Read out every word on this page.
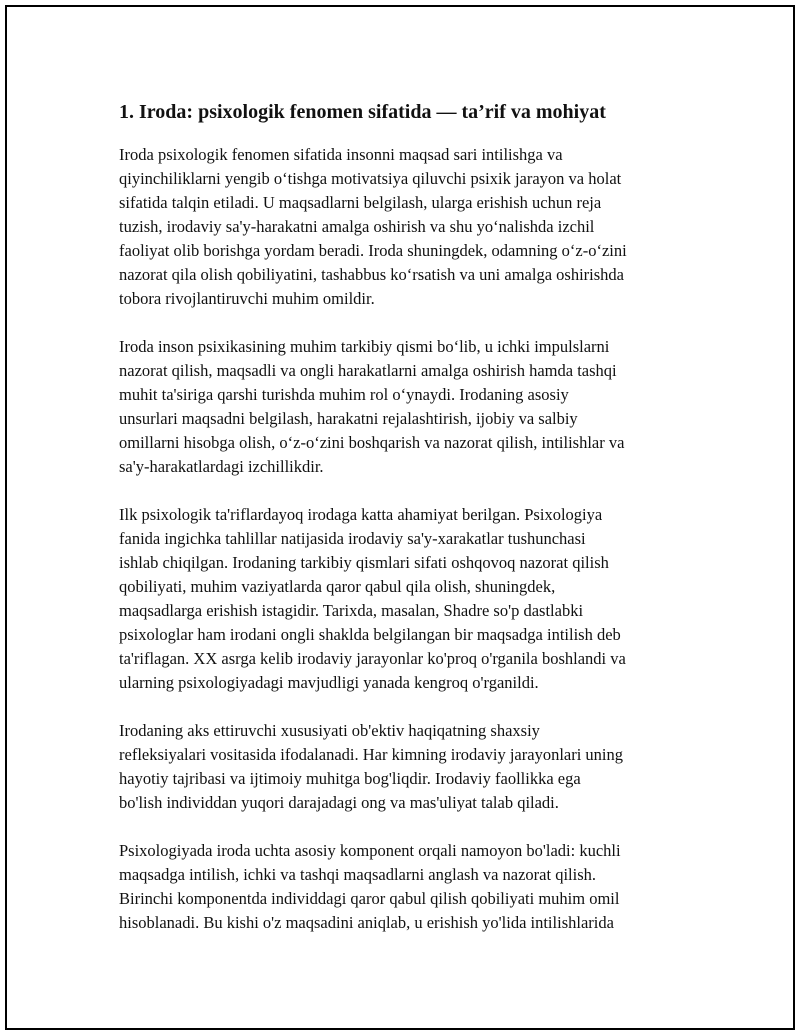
1. Iroda: psixologik fenomen sifatida — ta’rif va mohiyat

Iroda psixologik fenomen sifatida insonni maqsad sari intilishga va
qiyinchiliklarni yengib o‘tishga motivatsiya qiluvchi psixik jarayon va holat
sifatida talqin etiladi. U maqsadlarni belgilash, ularga erishish uchun reja
tuzish, irodaviy sa'y-harakatni amalga oshirish va shu yo‘nalishda izchil
faoliyat olib borishga yordam beradi. Iroda shuningdek, odamning o‘z-o‘zini
nazorat qila olish qobiliyatini, tashabbus ko‘rsatish va uni amalga oshirishda
tobora rivojlantiruvchi muhim omildir.

Iroda inson psixikasining muhim tarkibiy qismi bo‘lib, u ichki impulslarni
nazorat qilish, maqsadli va ongli harakatlarni amalga oshirish hamda tashqi
muhit ta'siriga qarshi turishda muhim rol o‘ynaydi. Irodaning asosiy
unsurlari maqsadni belgilash, harakatni rejalashtirish, ijobiy va salbiy
omillarni hisobga olish, o‘z-o‘zini boshqarish va nazorat qilish, intilishlar va
sa'y-harakatlardagi izchillikdir.

Ilk psixologik ta'riflardayoq irodaga katta ahamiyat berilgan. Psixologiya
fanida ingichka tahlillar natijasida irodaviy sa'y-xarakatlar tushunchasi
ishlab chiqilgan. Irodaning tarkibiy qismlari sifati oshqovoq nazorat qilish
qobiliyati, muhim vaziyatlarda qaror qabul qila olish, shuningdek,
maqsadlarga erishish istagidir. Tarixda, masalan, Shadre so'p dastlabki
psixologlar ham irodani ongli shaklda belgilangan bir maqsadga intilish deb
ta'riflagan. XX asrga kelib irodaviy jarayonlar ko'proq o'rganila boshlandi va
ularning psixologiyadagi mavjudligi yanada kengroq o'rganildi.

Irodaning aks ettiruvchi xususiyati ob'ektiv haqiqatning shaxsiy
refleksiyalari vositasida ifodalanadi. Har kimning irodaviy jarayonlari uning
hayotiy tajribasi va ijtimoiy muhitga bog'liqdir. Irodaviy faollikka ega
bo'lish individdan yuqori darajadagi ong va mas'uliyat talab qiladi.

Psixologiyada iroda uchta asosiy komponent orqali namoyon bo'ladi: kuchli
maqsadga intilish, ichki va tashqi maqsadlarni anglash va nazorat qilish.
Birinchi komponentda individdagi qaror qabul qilish qobiliyati muhim omil
hisoblanadi. Bu kishi o'z maqsadini aniqlab, u erishish yo'lida intilishlarida
